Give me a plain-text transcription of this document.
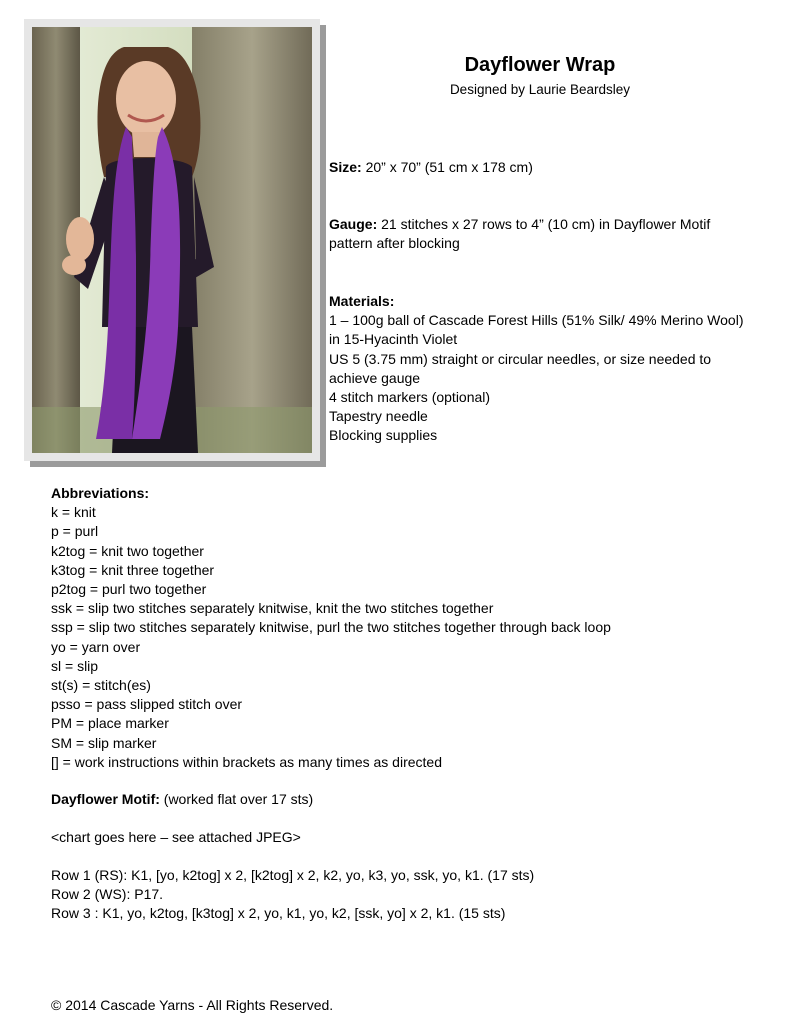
Dayflower Wrap
Designed by Laurie Beardsley

Size: 20” x 70” (51 cm x 178 cm)

Gauge: 21 stitches x 27 rows to 4” (10 cm) in Dayflower Motif

pattern after blocking

Materials:

1 – 100g ball of Cascade Forest Hills (51% Silk/ 49% Merino Wool)

in 15-Hyacinth Violet

US 5 (3.75 mm) straight or circular needles, or size needed to

achieve gauge

4 stitch markers (optional)

Tapestry needle

Blocking supplies

Abbreviations:

k = knit

p = purl

k2tog = knit two together

k3tog = knit three together

p2tog = purl two together

ssk = slip two stitches separately knitwise, knit the two stitches together

ssp = slip two stitches separately knitwise, purl the two stitches together through back loop

yo = yarn over

sl = slip

st(s) = stitch(es)

psso = pass slipped stitch over

PM = place marker

SM = slip marker

[] = work instructions within brackets as many times as directed

Dayflower Motif: (worked flat over 17 sts)

<chart goes here – see attached JPEG>

Row 1 (RS): K1, [yo, k2tog] x 2, [k2tog] x 2, k2, yo, k3, yo, ssk, yo, k1. (17 sts)

Row 2 (WS): P17.

Row 3 : K1, yo, k2tog, [k3tog] x 2, yo, k1, yo, k2, [ssk, yo] x 2, k1. (15 sts)

© 2014 Cascade Yarns - All Rights Reserved.
